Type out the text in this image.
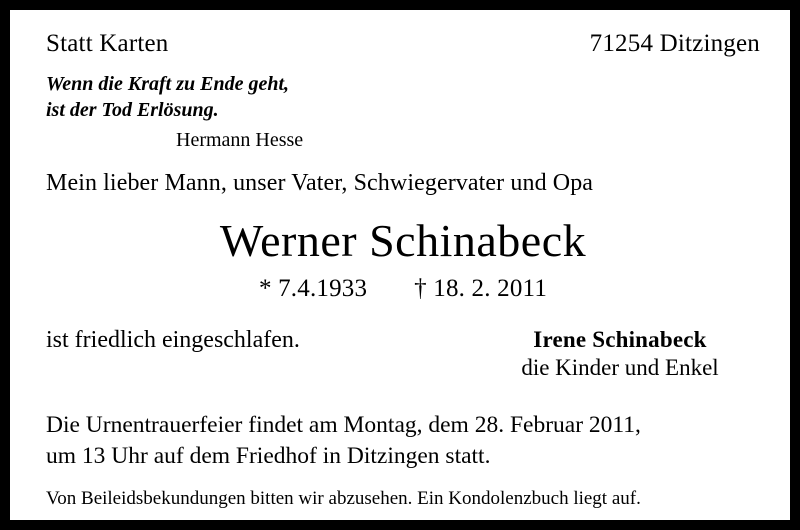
Statt Karten	71254 Ditzingen
Wenn die Kraft zu Ende geht,
ist der Tod Erlösung.
Hermann Hesse
Mein lieber Mann, unser Vater, Schwiegervater und Opa
Werner Schinabeck
* 7.4.1933 † 18. 2. 2011
ist friedlich eingeschlafen.	Irene Schinabeck
die Kinder und Enkel
Die Urnentrauerfeier findet am Montag, dem 28. Februar 2011,
um 13 Uhr auf dem Friedhof in Ditzingen statt.
Von Beileidsbekundungen bitten wir abzusehen. Ein Kondolenzbuch liegt auf.
